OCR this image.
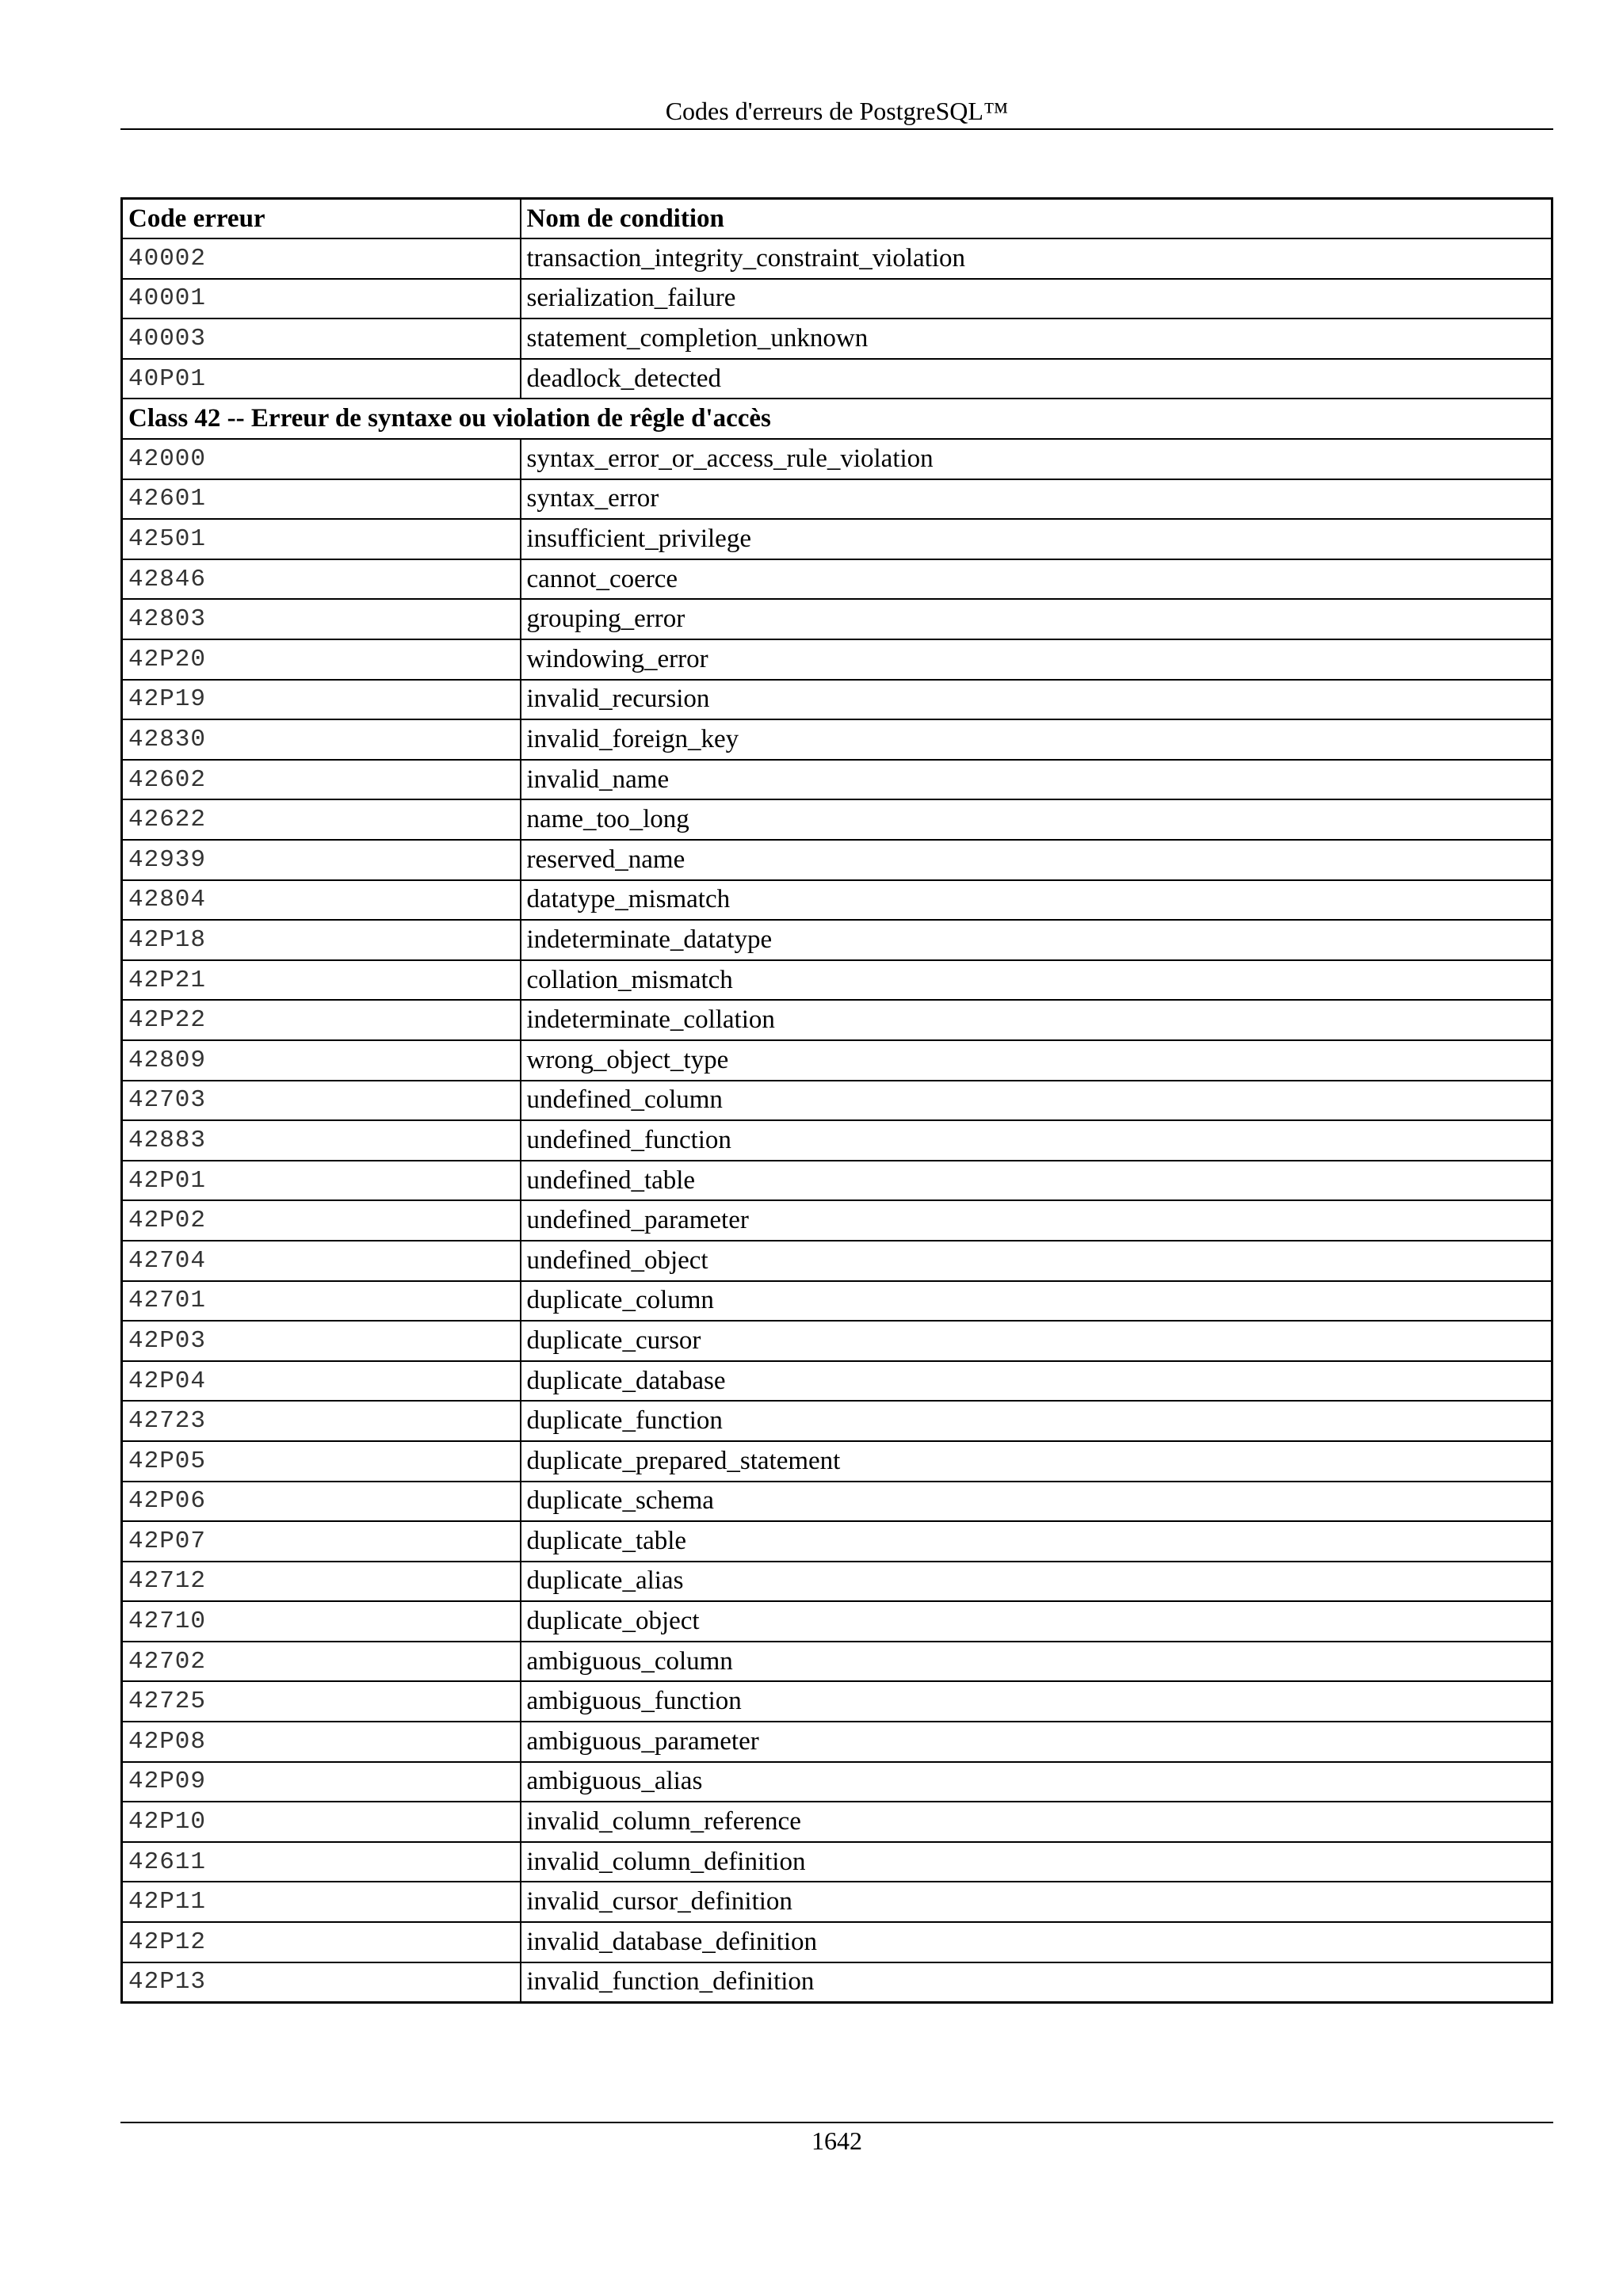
Codes d'erreurs de PostgreSQL™
Code erreur	Nom de condition
40002	transaction_integrity_constraint_violation
40001	serialization_failure
40003	statement_completion_unknown
40P01	deadlock_detected
Class 42 -- Erreur de syntaxe ou violation de rêgle d'accès	
42000	syntax_error_or_access_rule_violation
42601	syntax_error
42501	insufficient_privilege
42846	cannot_coerce
42803	grouping_error
42P20	windowing_error
42P19	invalid_recursion
42830	invalid_foreign_key
42602	invalid_name
42622	name_too_long
42939	reserved_name
42804	datatype_mismatch
42P18	indeterminate_datatype
42P21	collation_mismatch
42P22	indeterminate_collation
42809	wrong_object_type
42703	undefined_column
42883	undefined_function
42P01	undefined_table
42P02	undefined_parameter
42704	undefined_object
42701	duplicate_column
42P03	duplicate_cursor
42P04	duplicate_database
42723	duplicate_function
42P05	duplicate_prepared_statement
42P06	duplicate_schema
42P07	duplicate_table
42712	duplicate_alias
42710	duplicate_object
42702	ambiguous_column
42725	ambiguous_function
42P08	ambiguous_parameter
42P09	ambiguous_alias
42P10	invalid_column_reference
42611	invalid_column_definition
42P11	invalid_cursor_definition
42P12	invalid_database_definition
42P13	invalid_function_definition
1642
